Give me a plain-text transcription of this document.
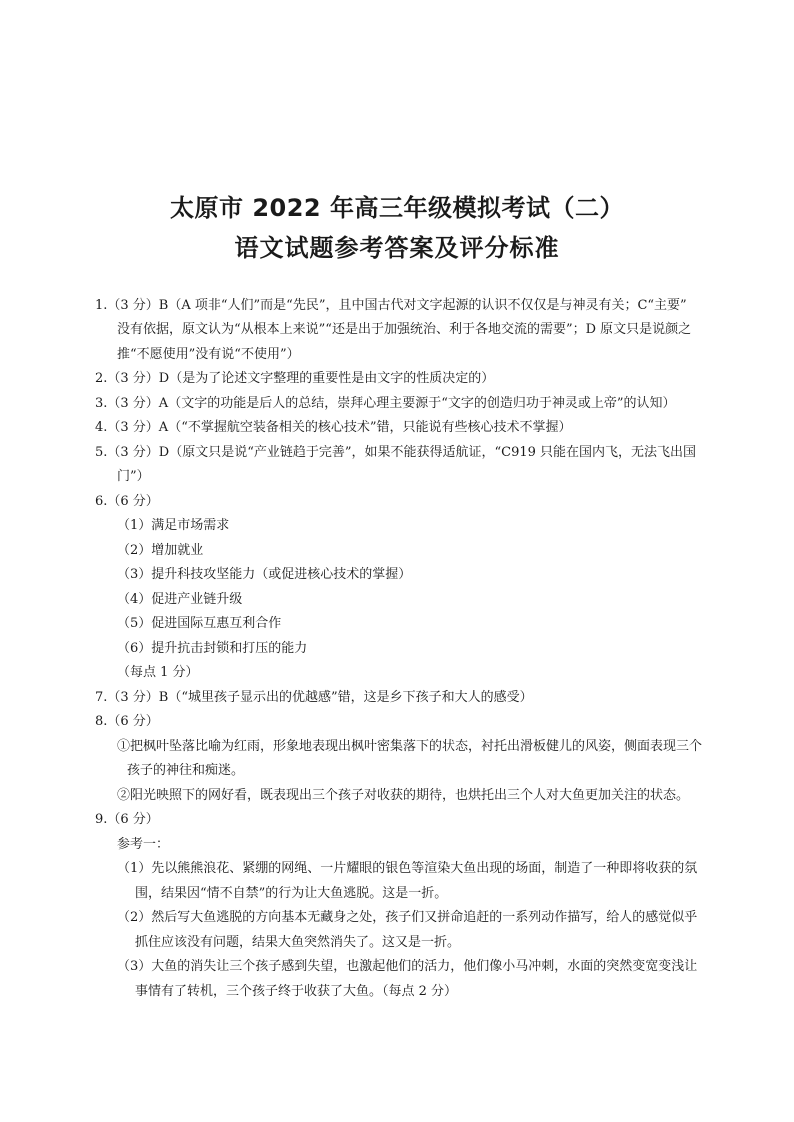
太原市 2022 年高三年级模拟考试（二）
语文试题参考答案及评分标准
1.（3 分）B（A 项非“人们”而是“先民”，且中国古代对文字起源的认识不仅仅是与神灵有关；C“主要”
没有依据，原文认为“从根本上来说”“还是出于加强统治、利于各地交流的需要”；D 原文只是说颜之
推“不愿使用”没有说“不使用”）
2.（3 分）D（是为了论述文字整理的重要性是由文字的性质决定的）
3.（3 分）A（文字的功能是后人的总结，崇拜心理主要源于“文字的创造归功于神灵或上帝”的认知）
4.（3 分）A（“不掌握航空装备相关的核心技术”错，只能说有些核心技术不掌握）
5.（3 分）D（原文只是说“产业链趋于完善”，如果不能获得适航证，“C919 只能在国内飞，无法飞出国
门”）
6.（6 分）
（1）满足市场需求
（2）增加就业
（3）提升科技攻坚能力（或促进核心技术的掌握）
（4）促进产业链升级
（5）促进国际互惠互利合作
（6）提升抗击封锁和打压的能力
（每点 1 分）
7.（3 分）B（“城里孩子显示出的优越感”错，这是乡下孩子和大人的感受）
8.（6 分）
①把枫叶坠落比喻为红雨，形象地表现出枫叶密集落下的状态，衬托出滑板健儿的风姿，侧面表现三个
孩子的神往和痴迷。
②阳光映照下的网好看，既表现出三个孩子对收获的期待，也烘托出三个人对大鱼更加关注的状态。
9.（6 分）
参考一：
（1）先以熊熊浪花、紧绷的网绳、一片耀眼的银色等渲染大鱼出现的场面，制造了一种即将收获的氛
围，结果因“情不自禁”的行为让大鱼逃脱。这是一折。
（2）然后写大鱼逃脱的方向基本无藏身之处，孩子们又拼命追赶的一系列动作描写，给人的感觉似乎
抓住应该没有问题，结果大鱼突然消失了。这又是一折。
（3）大鱼的消失让三个孩子感到失望，也激起他们的活力，他们像小马冲刺，水面的突然变宽变浅让
事情有了转机，三个孩子终于收获了大鱼。（每点 2 分）
